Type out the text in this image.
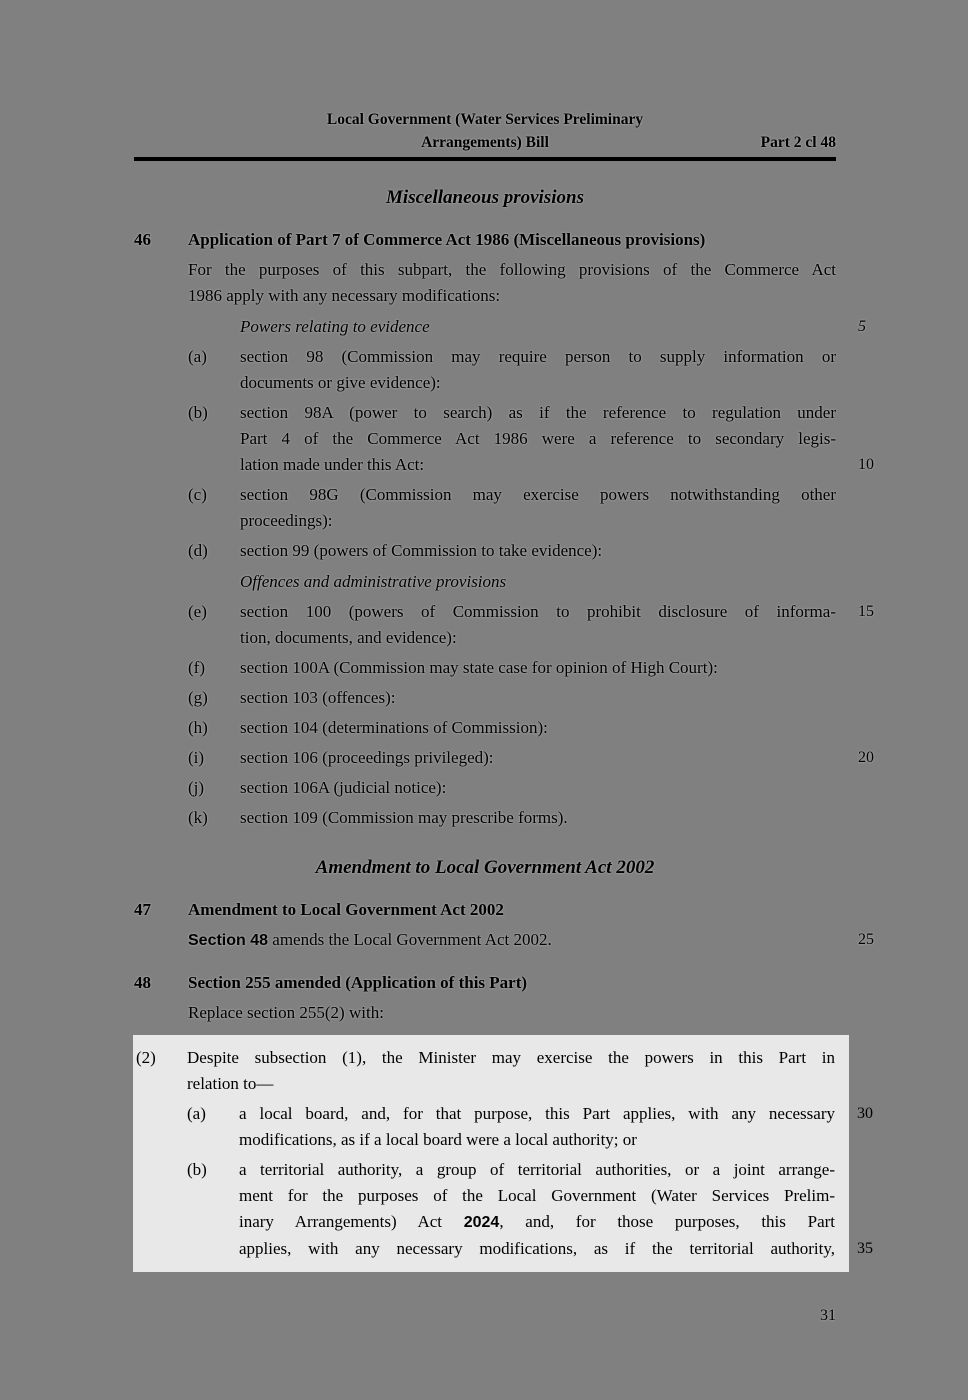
Local Government (Water Services Preliminary
Arrangements) Bill	Part 2 cl 48
Miscellaneous provisions
46 Application of Part 7 of Commerce Act 1986 (Miscellaneous provisions)
For the purposes of this subpart, the following provisions of the Commerce Act
1986 apply with any necessary modifications:
Powers relating to evidence	5
(a) section 98 (Commission may require person to supply information or
documents or give evidence):
(b) section 98A (power to search) as if the reference to regulation under
Part 4 of the Commerce Act 1986 were a reference to secondary legis-
lation made under this Act:	10
(c) section 98G (Commission may exercise powers notwithstanding other
proceedings):
(d) section 99 (powers of Commission to take evidence):
Offences and administrative provisions
(e) section 100 (powers of Commission to prohibit disclosure of informa- 15
tion, documents, and evidence):
(f) section 100A (Commission may state case for opinion of High Court):
(g) section 103 (offences):
(h) section 104 (determinations of Commission):
(i) section 106 (proceedings privileged):	20
(j) section 106A (judicial notice):
(k) section 109 (Commission may prescribe forms).
Amendment to Local Government Act 2002
47 Amendment to Local Government Act 2002
Section 48 amends the Local Government Act 2002.	25
48 Section 255 amended (Application of this Part)
Replace section 255(2) with:
(2) Despite subsection (1), the Minister may exercise the powers in this Part in
relation to—
(a) a local board, and, for that purpose, this Part applies, with any necessary 30
modifications, as if a local board were a local authority; or
(b) a territorial authority, a group of territorial authorities, or a joint arrange-
ment for the purposes of the Local Government (Water Services Prelim-
inary Arrangements) Act 2024, and, for those purposes, this Part
applies, with any necessary modifications, as if the territorial authority, 35
31
